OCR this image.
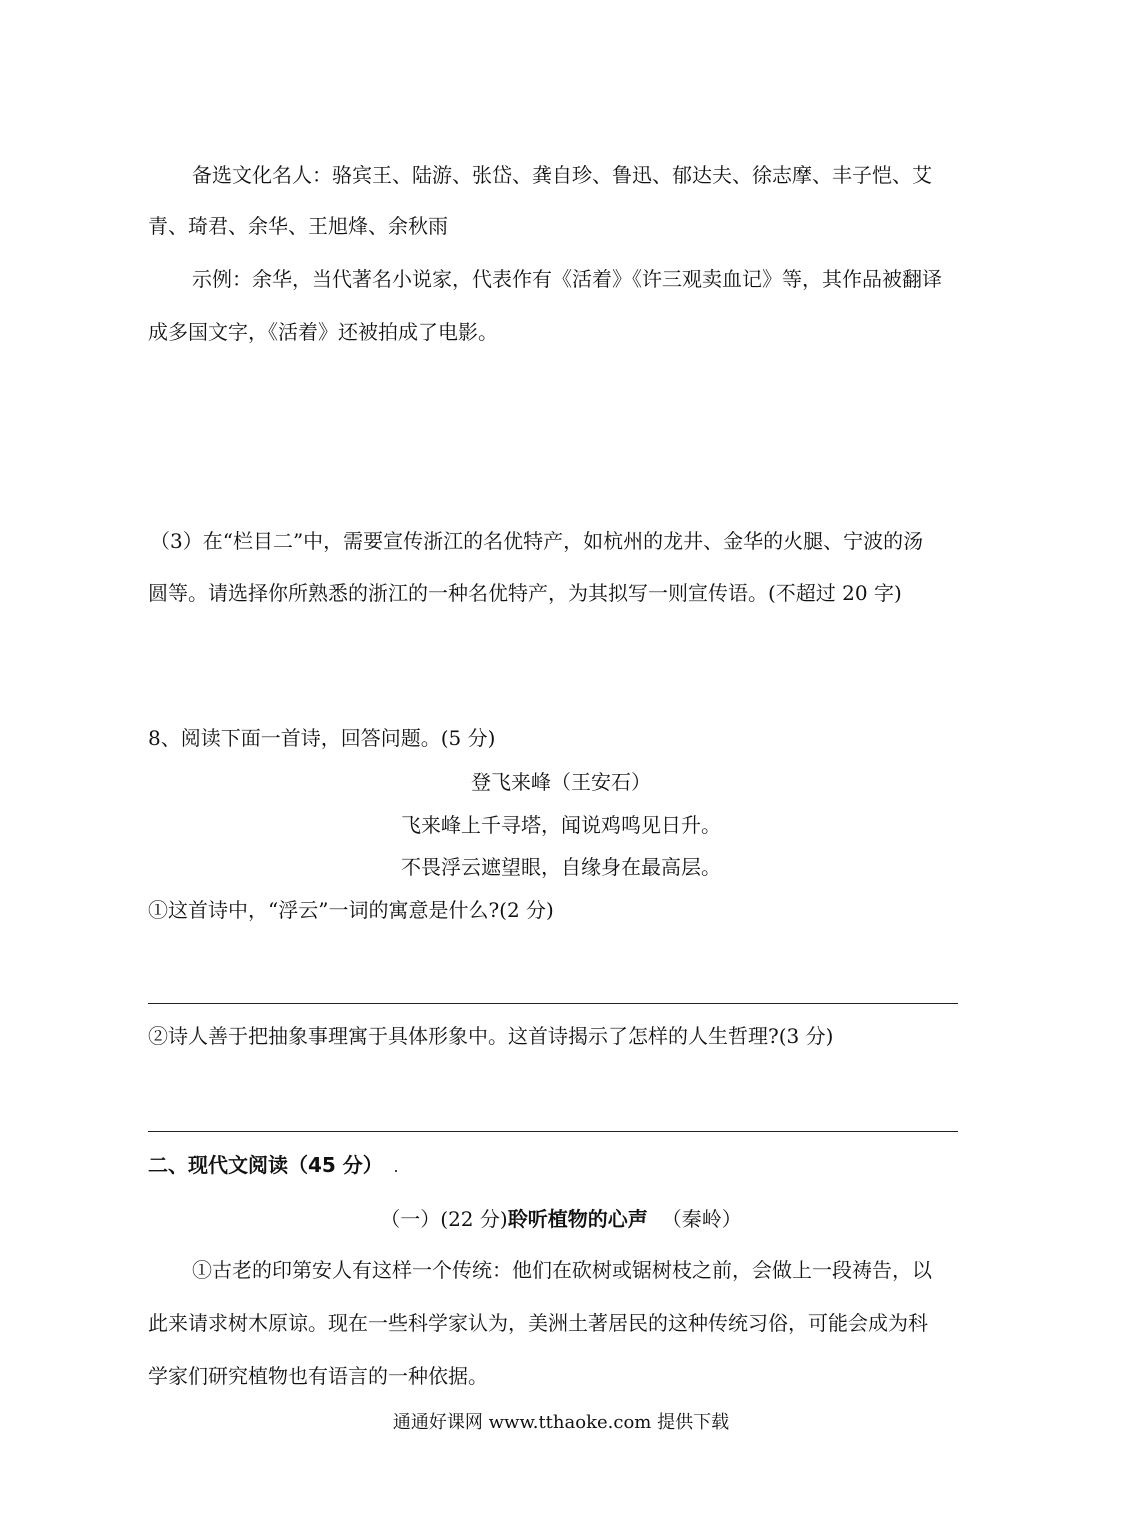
备选文化名人：骆宾王、陆游、张岱、龚自珍、鲁迅、郁达夫、徐志摩、丰子恺、艾
青、琦君、余华、王旭烽、余秋雨
示例：余华，当代著名小说家，代表作有《活着》《许三观卖血记》等，其作品被翻译
成多国文字，《活着》还被拍成了电影。
（3）在“栏目二”中，需要宣传浙江的名优特产，如杭州的龙井、金华的火腿、宁波的汤
圆等。请选择你所熟悉的浙江的一种名优特产，为其拟写一则宣传语。(不超过 20 字)
8、阅读下面一首诗，回答问题。(5 分)
登飞来峰（王安石）
飞来峰上千寻塔，闻说鸡鸣见日升。
不畏浮云遮望眼，自缘身在最高层。
①这首诗中，“浮云”一词的寓意是什么?(2 分)
②诗人善于把抽象事理寓于具体形象中。这首诗揭示了怎样的人生哲理?(3 分)
二、现代文阅读（45 分）
（一）(22 分)聆听植物的心声 （秦岭）
①古老的印第安人有这样一个传统：他们在砍树或锯树枝之前，会做上一段祷告，以
此来请求树木原谅。现在一些科学家认为，美洲土著居民的这种传统习俗，可能会成为科
学家们研究植物也有语言的一种依据。
通通好课网 www.tthaoke.com 提供下载
